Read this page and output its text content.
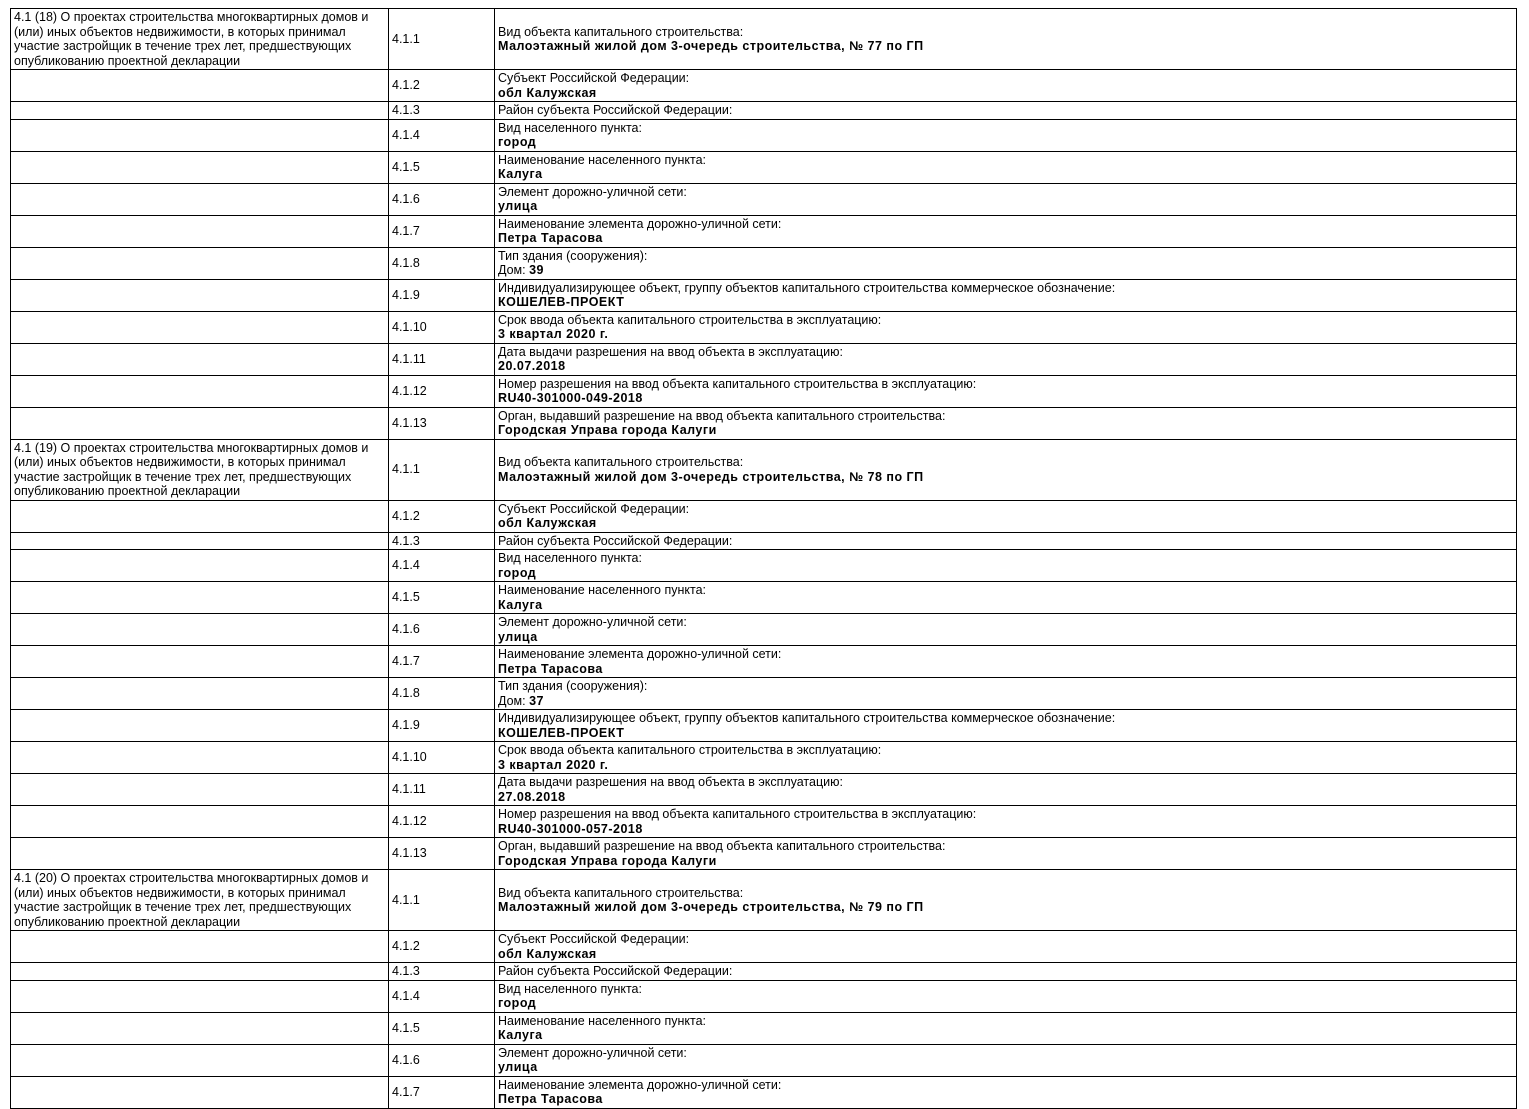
4.1 (18) О проектах строительства многоквартирных домов и (или) иных объектов недвижимости, в которых принимал участие застройщик в течение трех лет, предшествующих опубликованию проектной декларации	4.1.1	Вид объекта капитального строительства:
Малоэтажный жилой дом 3-очередь строительства, № 77 по ГП

	4.1.2	Субъект Российской Федерации:
обл Калужская

	4.1.3	Район субъекта Российской Федерации:

	4.1.4	Вид населенного пункта:
город

	4.1.5	Наименование населенного пункта:
Калуга

	4.1.6	Элемент дорожно-уличной сети:
улица

	4.1.7	Наименование элемента дорожно-уличной сети:
Петра Тарасова

	4.1.8	Тип здания (сооружения):
Дом: 39

	4.1.9	Индивидуализирующее объект, группу объектов капитального строительства коммерческое обозначение:
КОШЕЛЕВ-ПРОЕКТ

	4.1.10	Срок ввода объекта капитального строительства в эксплуатацию:
3 квартал 2020 г.

	4.1.11	Дата выдачи разрешения на ввод объекта в эксплуатацию:
20.07.2018

	4.1.12	Номер разрешения на ввод объекта капитального строительства в эксплуатацию:
RU40-301000-049-2018

	4.1.13	Орган, выдавший разрешение на ввод объекта капитального строительства:
Городская Управа города Калуги

4.1 (19) О проектах строительства многоквартирных домов и (или) иных объектов недвижимости, в которых принимал участие застройщик в течение трех лет, предшествующих опубликованию проектной декларации	4.1.1	Вид объекта капитального строительства:
Малоэтажный жилой дом 3-очередь строительства, № 78 по ГП

	4.1.2	Субъект Российской Федерации:
обл Калужская

	4.1.3	Район субъекта Российской Федерации:

	4.1.4	Вид населенного пункта:
город

	4.1.5	Наименование населенного пункта:
Калуга

	4.1.6	Элемент дорожно-уличной сети:
улица

	4.1.7	Наименование элемента дорожно-уличной сети:
Петра Тарасова

	4.1.8	Тип здания (сооружения):
Дом: 37

	4.1.9	Индивидуализирующее объект, группу объектов капитального строительства коммерческое обозначение:
КОШЕЛЕВ-ПРОЕКТ

	4.1.10	Срок ввода объекта капитального строительства в эксплуатацию:
3 квартал 2020 г.

	4.1.11	Дата выдачи разрешения на ввод объекта в эксплуатацию:
27.08.2018

	4.1.12	Номер разрешения на ввод объекта капитального строительства в эксплуатацию:
RU40-301000-057-2018

	4.1.13	Орган, выдавший разрешение на ввод объекта капитального строительства:
Городская Управа города Калуги

4.1 (20) О проектах строительства многоквартирных домов и (или) иных объектов недвижимости, в которых принимал участие застройщик в течение трех лет, предшествующих опубликованию проектной декларации	4.1.1	Вид объекта капитального строительства:
Малоэтажный жилой дом 3-очередь строительства, № 79 по ГП

	4.1.2	Субъект Российской Федерации:
обл Калужская

	4.1.3	Район субъекта Российской Федерации:

	4.1.4	Вид населенного пункта:
город

	4.1.5	Наименование населенного пункта:
Калуга

	4.1.6	Элемент дорожно-уличной сети:
улица

	4.1.7	Наименование элемента дорожно-уличной сети:
Петра Тарасова
